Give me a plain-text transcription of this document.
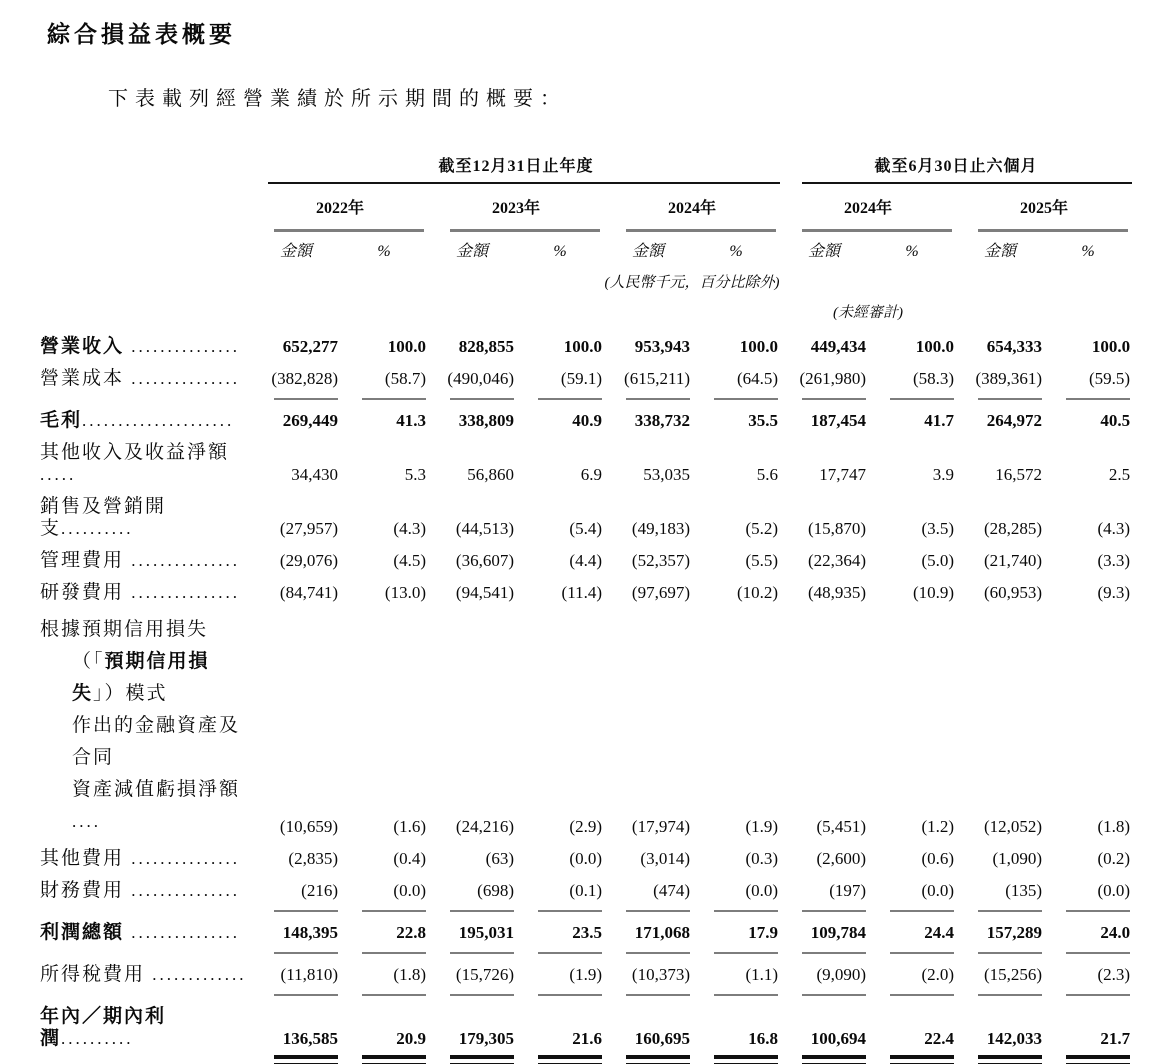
綜合損益表概要
下表載列經營業績於所示期間的概要：
	截至12月31日止年度						截至6月30日止六個月			
	2022年		2023年		2024年		2024年		2025年	
	金額	%	金額	%	金額	%	金額	%	金額	%
	(人民幣千元，百分比除外)									
							(未經審計)			
營業收入 ...............	652,277	100.0	828,855	100.0	953,943	100.0	449,434	100.0	654,333	100.0
營業成本 ...............	(382,828)	(58.7)	(490,046)	(59.1)	(615,211)	(64.5)	(261,980)	(58.3)	(389,361)	(59.5)
毛利.....................	269,449	41.3	338,809	40.9	338,732	35.5	187,454	41.7	264,972	40.5
其他收入及收益淨額 .....	34,430	5.3	56,860	6.9	53,035	5.6	17,747	3.9	16,572	2.5
銷售及營銷開支..........	(27,957)	(4.3)	(44,513)	(5.4)	(49,183)	(5.2)	(15,870)	(3.5)	(28,285)	(4.3)
管理費用 ...............	(29,076)	(4.5)	(36,607)	(4.4)	(52,357)	(5.5)	(22,364)	(5.0)	(21,740)	(3.3)
研發費用 ...............	(84,741)	(13.0)	(94,541)	(11.4)	(97,697)	(10.2)	(48,935)	(10.9)	(60,953)	(9.3)

根據預期信用損失
（「預期信用損失」）模式
作出的金融資產及合同
資產減值虧損淨額 ....	(10,659)	(1.6)	(24,216)	(2.9)	(17,974)	(1.9)	(5,451)	(1.2)	(12,052)	(1.8)
其他費用 ...............	(2,835)	(0.4)	(63)	(0.0)	(3,014)	(0.3)	(2,600)	(0.6)	(1,090)	(0.2)
財務費用 ...............	(216)	(0.0)	(698)	(0.1)	(474)	(0.0)	(197)	(0.0)	(135)	(0.0)
利潤總額 ...............	148,395	22.8	195,031	23.5	171,068	17.9	109,784	24.4	157,289	24.0
所得稅費用 .............	(11,810)	(1.8)	(15,726)	(1.9)	(10,373)	(1.1)	(9,090)	(2.0)	(15,256)	(2.3)
年內／期內利潤..........	136,585	20.9	179,305	21.6	160,695	16.8	100,694	22.4	142,033	21.7
